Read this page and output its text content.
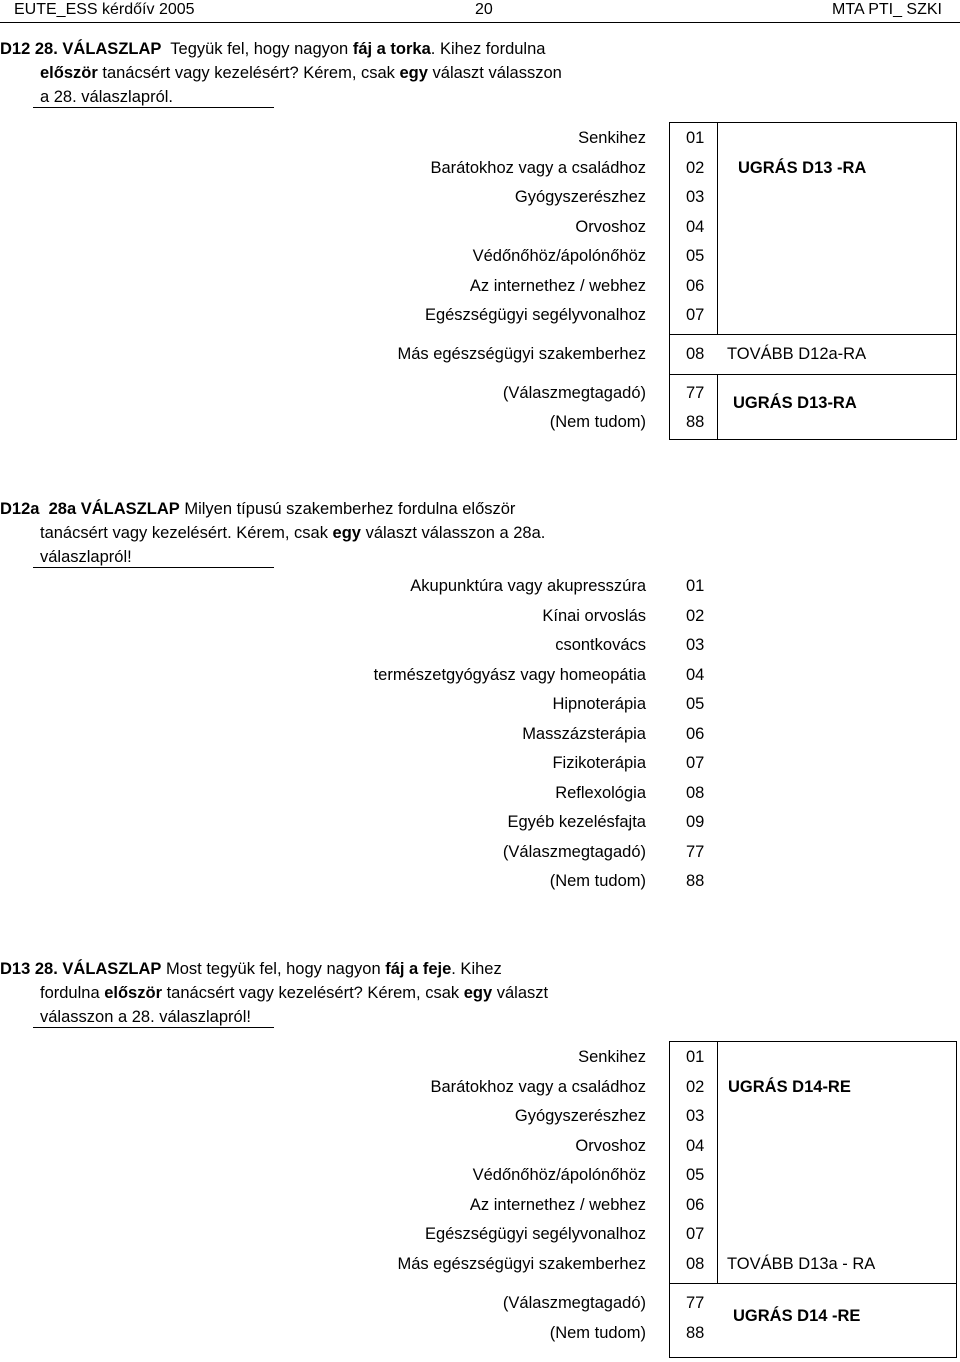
EUTE_ESS kérdőív 2005	20	MTA PTI_ SZKI
D12 28. VÁLASZLAP  Tegyük fel, hogy nagyon fáj a torka. Kihez fordulna
először tanácsért vagy kezelésért? Kérem, csak egy választ válasszon
a 28. válaszlapról.
Senkihez 01
Barátokhoz vagy a családhoz 02
Gyógyszerészhez 03
Orvoshoz 04
Védőnőhöz/ápolónőhöz 05
Az internethez / webhez 06
Egészségügyi segélyvonalhoz 07
Más egészségügyi szakemberhez 08
(Válaszmegtagadó) 77
(Nem tudom) 88
UGRÁS D13 -RA
TOVÁBB D12a-RA
UGRÁS D13-RA
D12a 28a VÁLASZLAP Milyen típusú szakemberhez fordulna először
tanácsért vagy kezelésért. Kérem, csak egy választ válasszon a 28a.
válaszlapról!
Akupunktúra vagy akupresszúra 01
Kínai orvoslás 02
csontkovács 03
természetgyógyász vagy homeopátia 04
Hipnoterápia 05
Masszázsterápia 06
Fizikoterápia 07
Reflexológia 08
Egyéb kezelésfajta 09
(Válaszmegtagadó) 77
(Nem tudom) 88
D13 28. VÁLASZLAP Most tegyük fel, hogy nagyon fáj a feje. Kihez
fordulna először tanácsért vagy kezelésért? Kérem, csak egy választ
válasszon a 28. válaszlapról!
Senkihez 01
Barátokhoz vagy a családhoz 02
Gyógyszerészhez 03
Orvoshoz 04
Védőnőhöz/ápolónőhöz 05
Az internethez / webhez 06
Egészségügyi segélyvonalhoz 07
Más egészségügyi szakemberhez 08
(Válaszmegtagadó) 77
(Nem tudom) 88
UGRÁS D14-RE
TOVÁBB D13a - RA
UGRÁS D14 -RE
